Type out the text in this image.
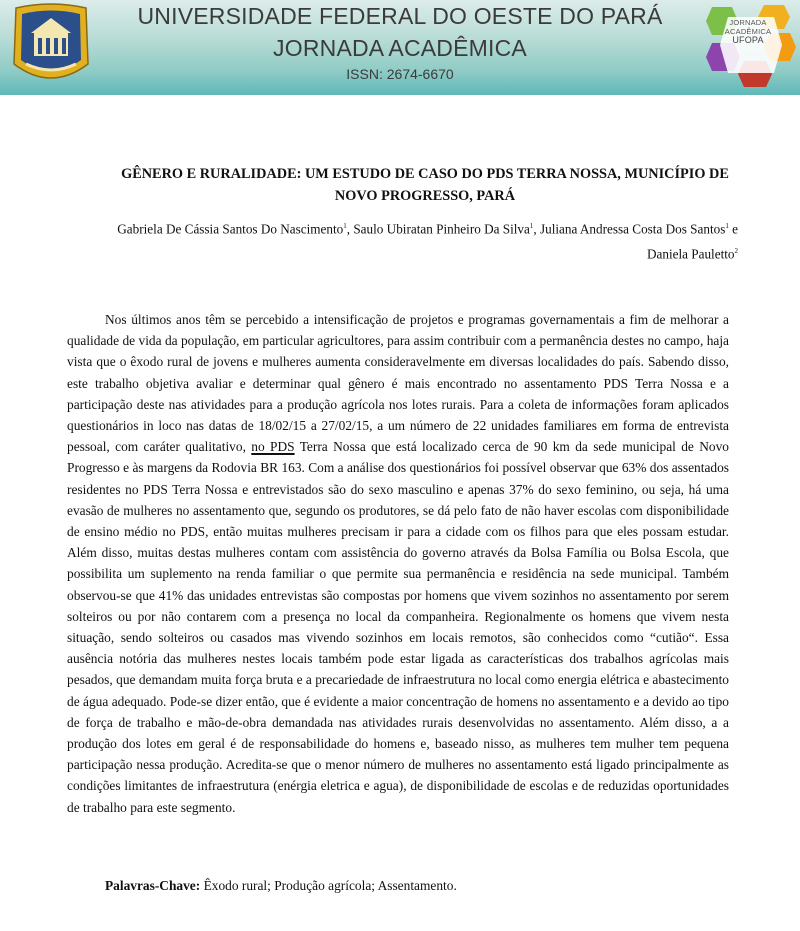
UNIVERSIDADE FEDERAL DO OESTE DO PARÁ
JORNADA ACADÊMICA
ISSN: 2674-6670
JORNADA
ACADÊMICA
UFOPA
GÊNERO E RURALIDADE: UM ESTUDO DE CASO DO PDS TERRA NOSSA, MUNICÍPIO DE NOVO PROGRESSO, PARÁ
Gabriela De Cássia Santos Do Nascimento$^1$, Saulo Ubiratan Pinheiro Da Silva$^1$, Juliana Andressa Costa Dos Santos$^1$ e Daniela Pauletto$^2$

Nos últimos anos têm se percebido a intensificação de projetos e programas governamentais a fim de melhorar a qualidade de vida da população, em particular agricultores, para assim contribuir com a permanência destes no campo, haja vista que o êxodo rural de jovens e mulheres aumenta consideravelmente em diversas localidades do país. Sabendo disso, este trabalho objetiva avaliar e determinar qual gênero é mais encontrado no assentamento PDS Terra Nossa e a participação deste nas atividades para a produção agrícola nos lotes rurais. Para a coleta de informações foram aplicados questionários in loco nas datas de 18/02/15 a 27/02/15, a um número de 22 unidades familiares em forma de entrevista pessoal, com caráter qualitativo, no PDS Terra Nossa que está localizado cerca de 90 km da sede municipal de Novo Progresso e às margens da Rodovia BR 163. Com a análise dos questionários foi possível observar que 63% dos assentados residentes no PDS Terra Nossa e entrevistados são do sexo masculino e apenas 37% do sexo feminino, ou seja, há uma evasão de mulheres no assentamento que, segundo os produtores, se dá pelo fato de não haver escolas com disponibilidade de ensino médio no PDS, então muitas mulheres precisam ir para a cidade com os filhos para que eles possam estudar. Além disso, muitas destas mulheres contam com assistência do governo através da Bolsa Família ou Bolsa Escola, que possibilita um suplemento na renda familiar o que permite sua permanência e residência na sede municipal. Também observou-se que 41% das unidades entrevistas são compostas por homens que vivem sozinhos no assentamento por serem solteiros ou por não contarem com a presença no local da companheira. Regionalmente os homens que vivem nesta situação, sendo solteiros ou casados mas vivendo sozinhos em locais remotos, são conhecidos como “cutião“. Essa ausência notória das mulheres nestes locais também pode estar ligada as características dos trabalhos agrícolas mais pesados, que demandam muita força bruta e a precariedade de infraestrutura no local como energia elétrica e abastecimento de água adequado. Pode-se dizer então, que é evidente a maior concentração de homens no assentamento e a devido ao tipo de força de trabalho e mão-de-obra demandada nas atividades rurais desenvolvidas no assentamento. Além disso, a a produção dos lotes em geral é de responsabilidade do homens e, baseado nisso, as mulheres tem mulher tem pequena participação nessa produção. Acredita-se que o menor número de mulheres no assentamento está ligado principalmente as condições limitantes de infraestrutura (enérgia eletrica e agua), de disponibilidade de escolas e de reduzidas oportunidades de trabalho para este segmento.

Palavras-Chave: Êxodo rural; Produção agrícola; Assentamento.
